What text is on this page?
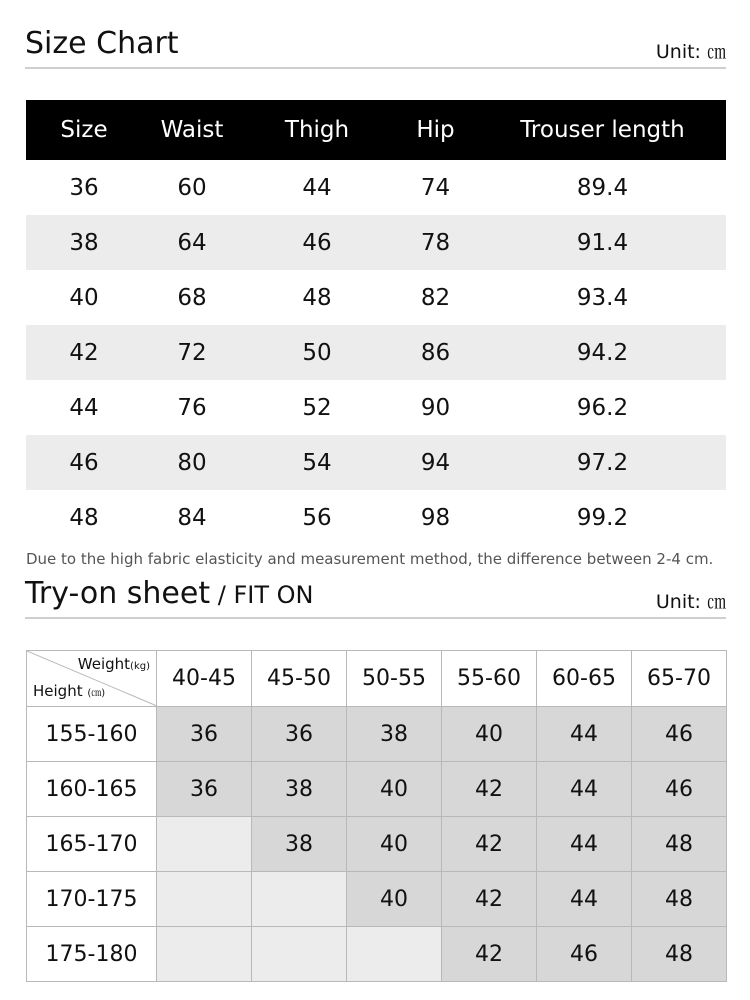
Size Chart	Unit: ㎝
Size	Waist	Thigh	Hip	Trouser length
36	60	44	74	89.4
38	64	46	78	91.4
40	68	48	82	93.4
42	72	50	86	94.2
44	76	52	90	96.2
46	80	54	94	97.2
48	84	56	98	99.2
Due to the high fabric elasticity and measurement method, the difference between 2-4 cm.
Try-on sheet / FIT ON	Unit: ㎝
Weight(kg)
Height (㎝)	40-45	45-50	50-55	55-60	60-65	65-70
155-160	36	36	38	40	44	46
160-165	36	38	40	42	44	46
165-170		38	40	42	44	48
170-175			40	42	44	48
175-180				42	46	48
